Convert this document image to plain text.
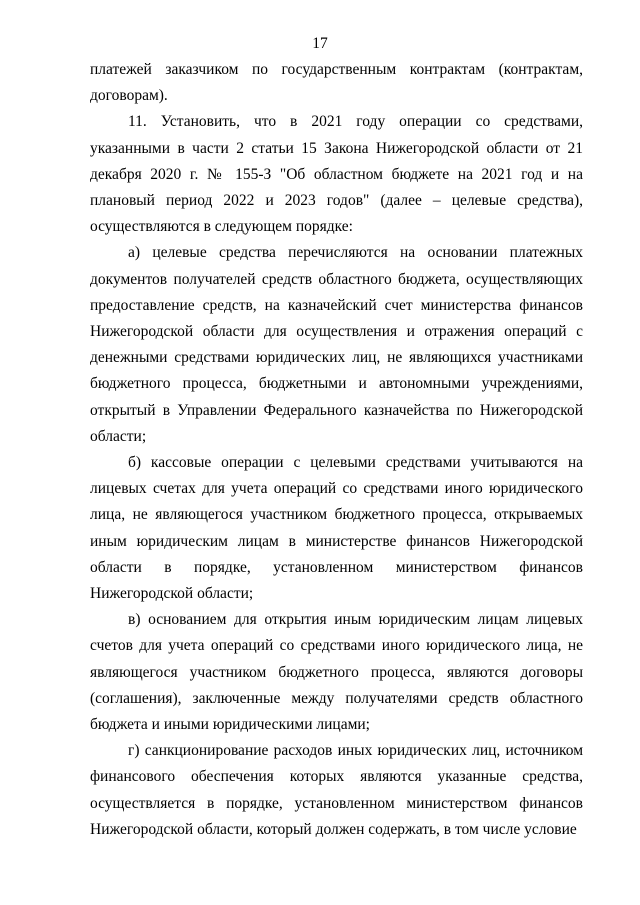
17

платежей заказчиком по государственным контрактам (контрактам, договорам).

11. Установить, что в 2021 году операции со средствами, указанными в части 2 статьи 15 Закона Нижегородской области от 21 декабря 2020 г. № 155-З "Об областном бюджете на 2021 год и на плановый период 2022 и 2023 годов" (далее – целевые средства), осуществляются в следующем порядке:

а) целевые средства перечисляются на основании платежных документов получателей средств областного бюджета, осуществляющих предоставление средств, на казначейский счет министерства финансов Нижегородской области для осуществления и отражения операций с денежными средствами юридических лиц, не являющихся участниками бюджетного процесса, бюджетными и автономными учреждениями, открытый в Управлении Федерального казначейства по Нижегородской области;

б) кассовые операции с целевыми средствами учитываются на лицевых счетах для учета операций со средствами иного юридического лица, не являющегося участником бюджетного процесса, открываемых иным юридическим лицам в министерстве финансов Нижегородской области в порядке, установленном министерством финансов Нижегородской области;

в) основанием для открытия иным юридическим лицам лицевых счетов для учета операций со средствами иного юридического лица, не являющегося участником бюджетного процесса, являются договоры (соглашения), заключенные между получателями средств областного бюджета и иными юридическими лицами;

г) санкционирование расходов иных юридических лиц, источником финансового обеспечения которых являются указанные средства, осуществляется в порядке, установленном министерством финансов Нижегородской области, который должен содержать, в том числе условие
